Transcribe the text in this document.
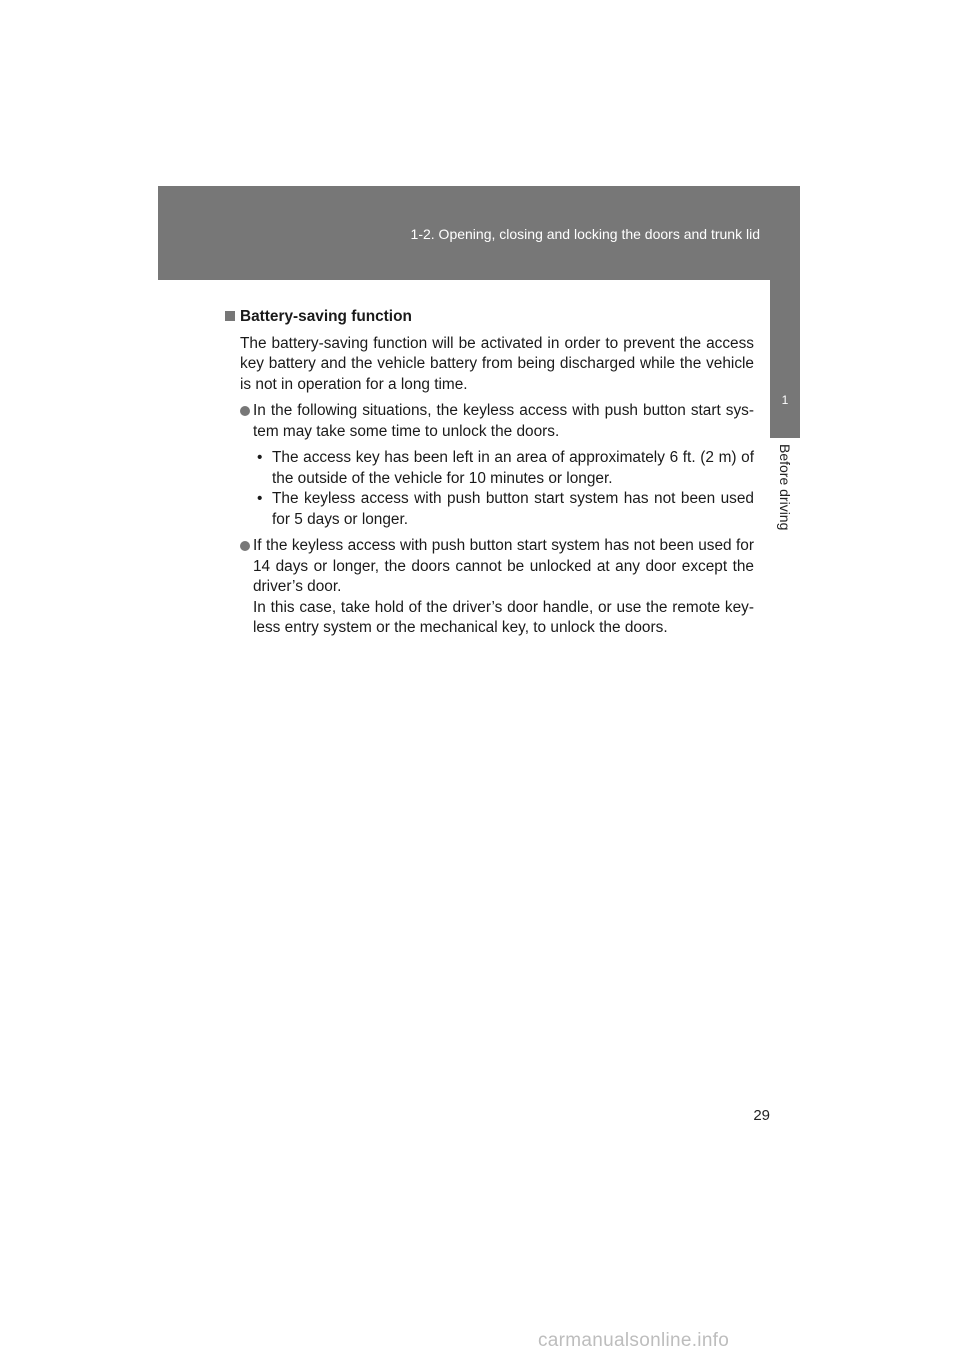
1-2. Opening, closing and locking the doors and trunk lid
1
Before driving
Battery-saving function

The battery-saving function will be activated in order to prevent the access key battery and the vehicle battery from being discharged while the vehicle is not in operation for a long time.

In the following situations, the keyless access with push button start sys-tem may take some time to unlock the doors.
• The access key has been left in an area of approximately 6 ft. (2 m) of the outside of the vehicle for 10 minutes or longer.
• The keyless access with push button start system has not been used for 5 days or longer.
If the keyless access with push button start system has not been used for 14 days or longer, the doors cannot be unlocked at any door except the driver’s door.
In this case, take hold of the driver’s door handle, or use the remote key-less entry system or the mechanical key, to unlock the doors.
29
carmanualsonline.info
